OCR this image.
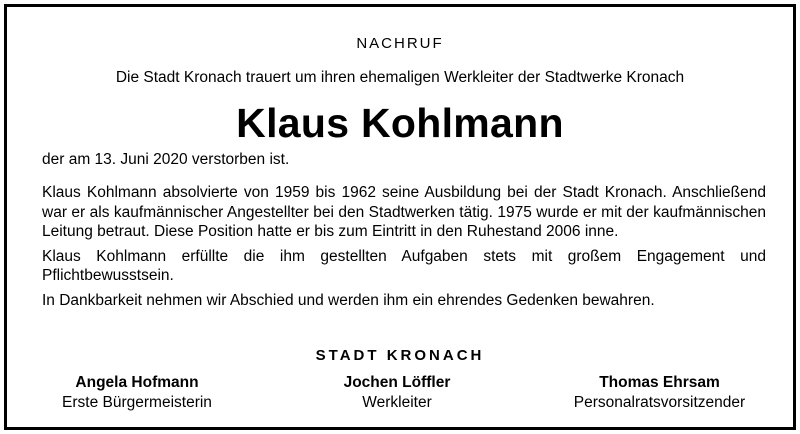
NACHRUF
Die Stadt Kronach trauert um ihren ehemaligen Werkleiter der Stadtwerke Kronach
Klaus Kohlmann
der am 13. Juni 2020 verstorben ist.

Klaus Kohlmann absolvierte von 1959 bis 1962 seine Ausbildung bei der Stadt Kronach. Anschließend war er als kaufmännischer Angestellter bei den Stadtwerken tätig. 1975 wurde er mit der kaufmännischen Leitung betraut. Diese Position hatte er bis zum Eintritt in den Ruhestand 2006 inne.

Klaus Kohlmann erfüllte die ihm gestellten Aufgaben stets mit großem Engagement und Pflichtbewusstsein.

In Dankbarkeit nehmen wir Abschied und werden ihm ein ehrendes Gedenken bewahren.

STADT KRONACH
Angela Hofmann
Erste Bürgermeisterin
Jochen Löffler
Werkleiter
Thomas Ehrsam
Personalratsvorsitzender
